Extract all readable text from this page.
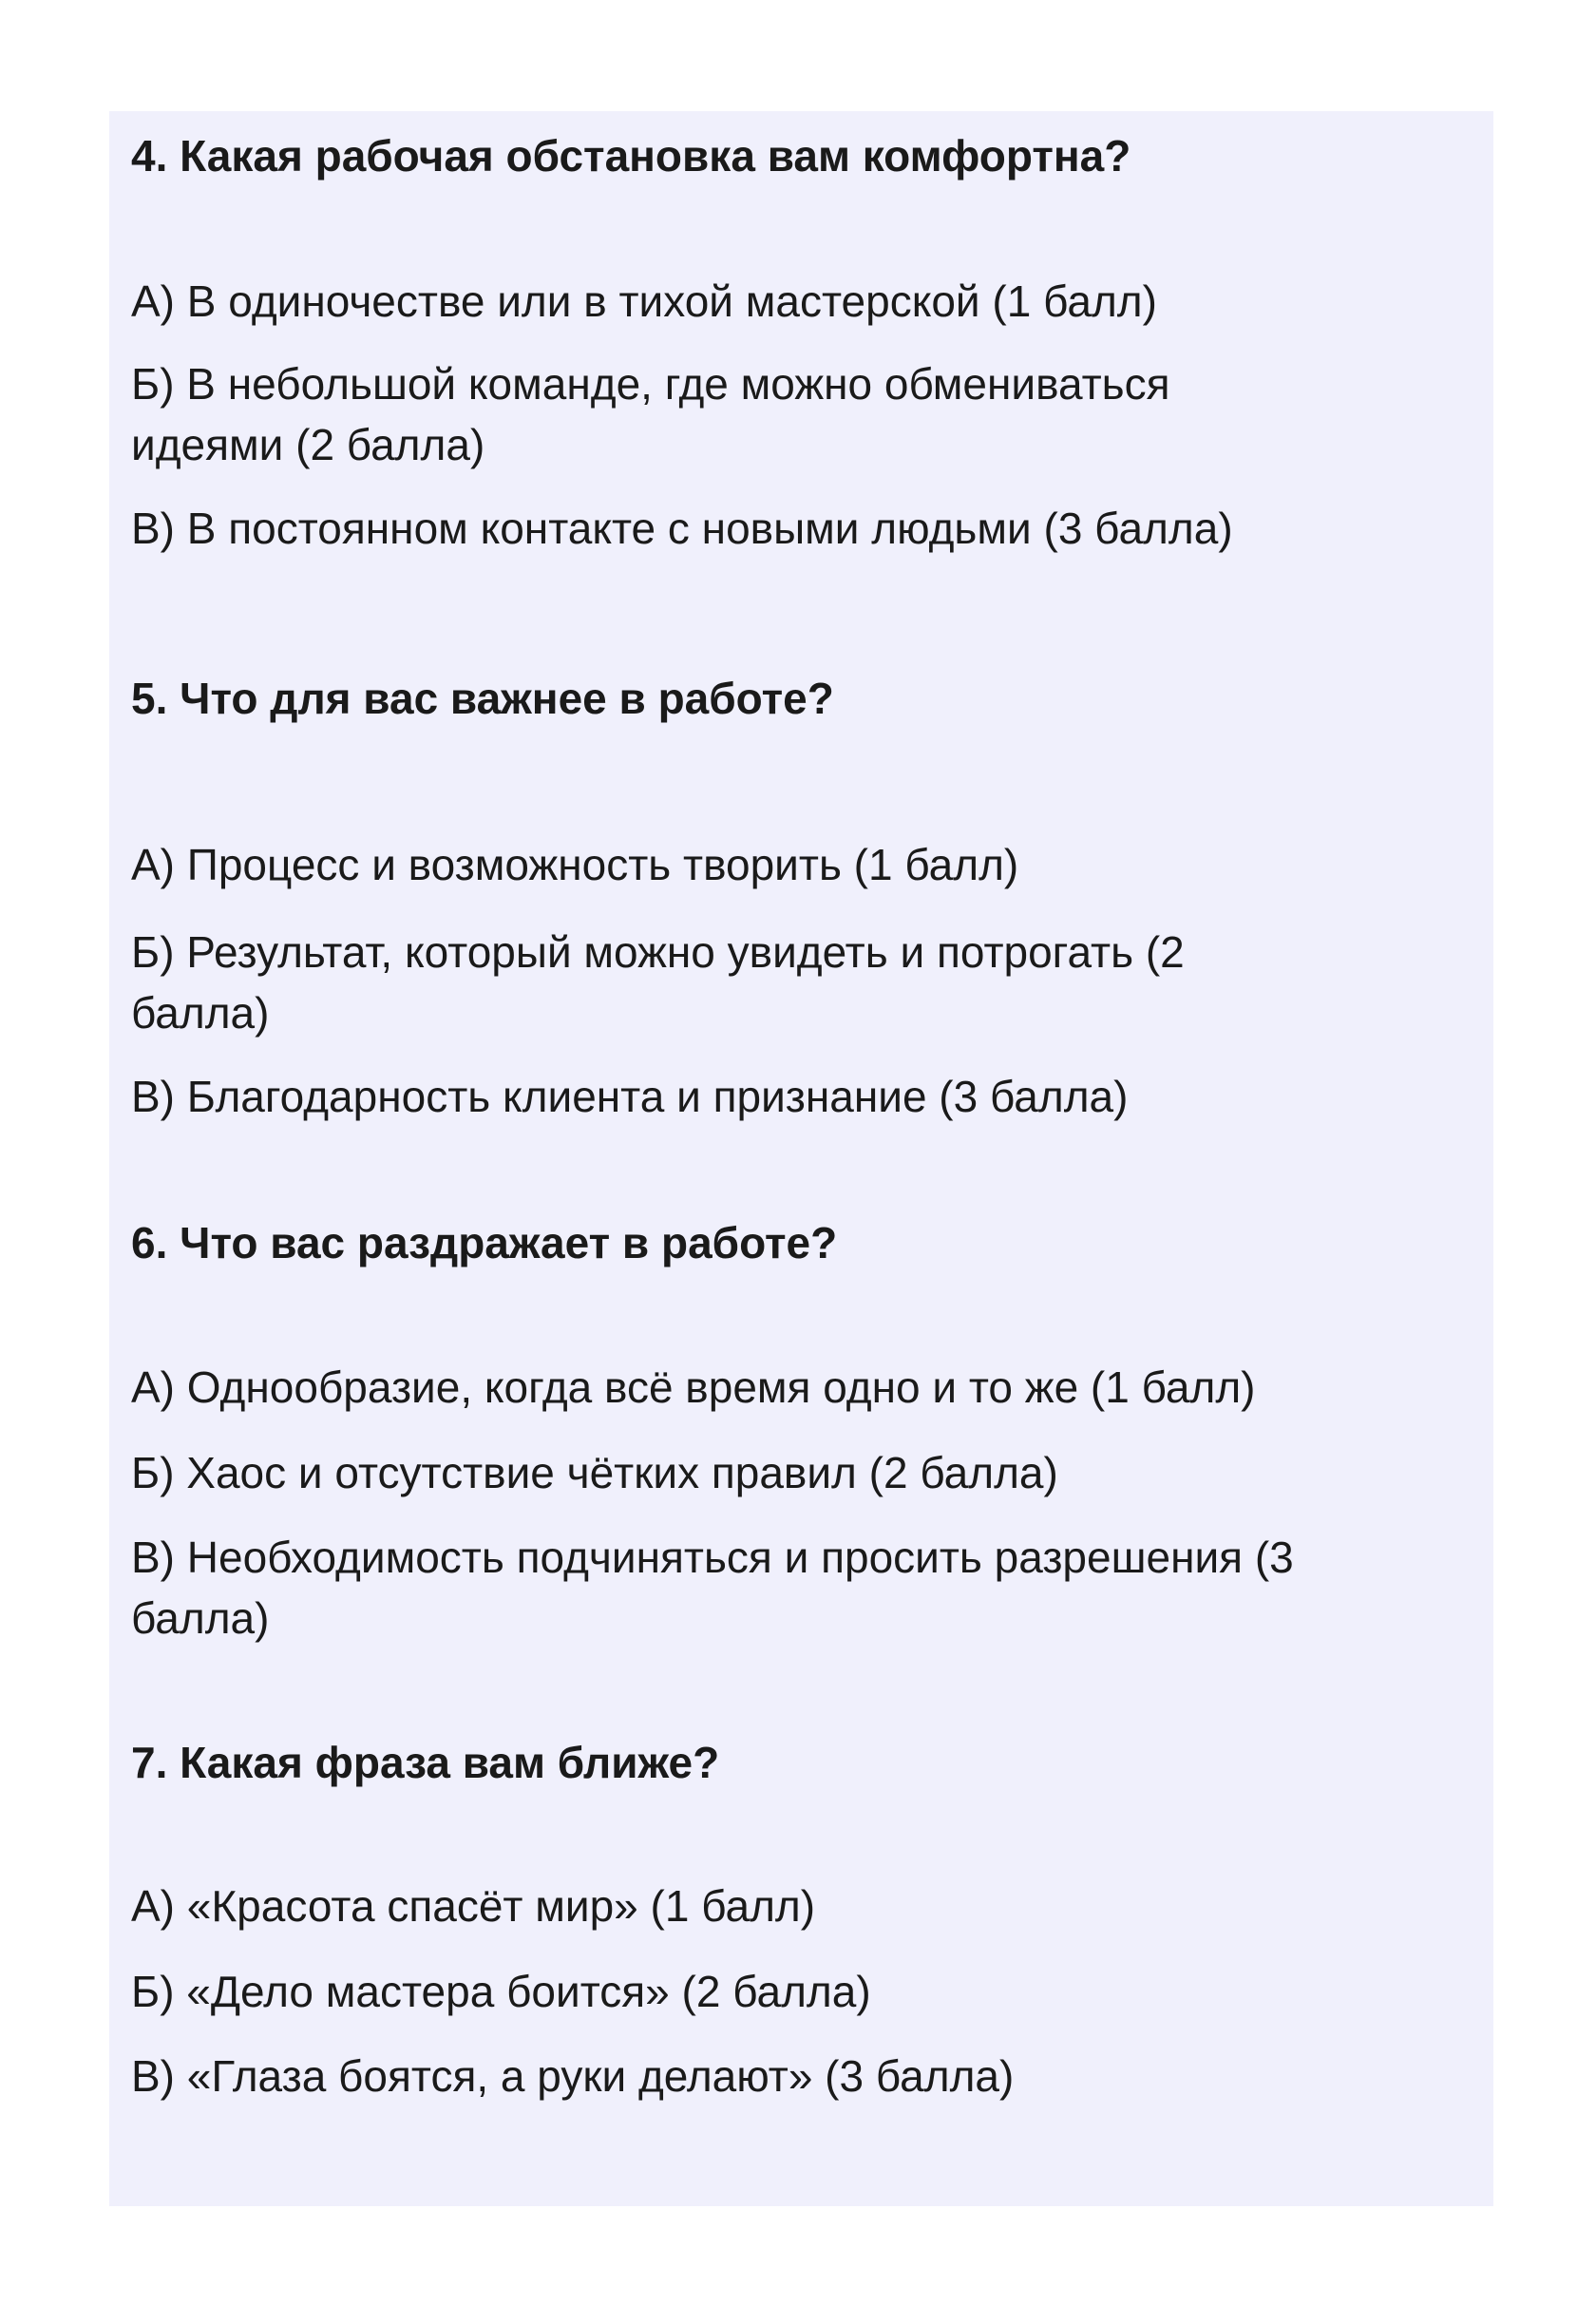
4. Какая рабочая обстановка вам комфортна?

А) В одиночестве или в тихой мастерской (1 балл)

Б) В небольшой команде, где можно обмениваться
идеями (2 балла)

В) В постоянном контакте с новыми людьми (3 балла)

5. Что для вас важнее в работе?

А) Процесс и возможность творить (1 балл)

Б) Результат, который можно увидеть и потрогать (2
балла)

В) Благодарность клиента и признание (3 балла)

6. Что вас раздражает в работе?

А) Однообразие, когда всё время одно и то же (1 балл)

Б) Хаос и отсутствие чётких правил (2 балла)

В) Необходимость подчиняться и просить разрешения (3
балла)

7. Какая фраза вам ближе?

А) «Красота спасёт мир» (1 балл)

Б) «Дело мастера боится» (2 балла)

В) «Глаза боятся, а руки делают» (3 балла)
